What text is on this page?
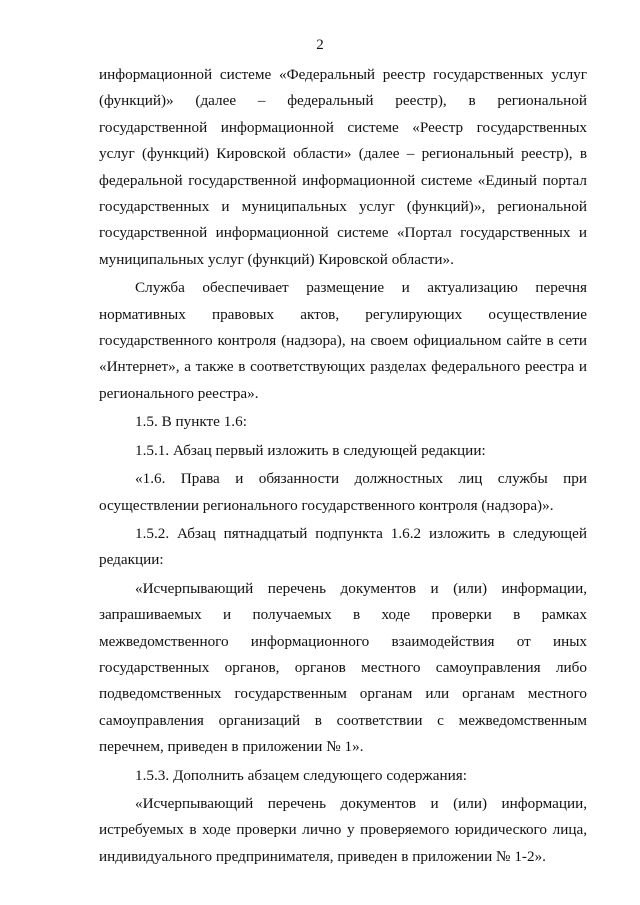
2

информационной системе «Федеральный реестр государственных услуг (функций)» (далее – федеральный реестр), в региональной государственной информационной системе «Реестр государственных услуг (функций) Кировской области» (далее – региональный реестр), в федеральной государственной информационной системе «Единый портал государственных и муниципальных услуг (функций)», региональной государственной информационной системе «Портал государственных и муниципальных услуг (функций) Кировской области».

Служба обеспечивает размещение и актуализацию перечня нормативных правовых актов, регулирующих осуществление государственного контроля (надзора), на своем официальном сайте в сети «Интернет», а также в соответствующих разделах федерального реестра и регионального реестра».

1.5. В пункте 1.6:

1.5.1. Абзац первый изложить в следующей редакции:

«1.6. Права и обязанности должностных лиц службы при осуществлении регионального государственного контроля (надзора)».

1.5.2. Абзац пятнадцатый подпункта 1.6.2 изложить в следующей редакции:

«Исчерпывающий перечень документов и (или) информации, запрашиваемых и получаемых в ходе проверки в рамках межведомственного информационного взаимодействия от иных государственных органов, органов местного самоуправления либо подведомственных государственным органам или органам местного самоуправления организаций в соответствии с межведомственным перечнем, приведен в приложении № 1».

1.5.3. Дополнить абзацем следующего содержания:

«Исчерпывающий перечень документов и (или) информации, истребуемых в ходе проверки лично у проверяемого юридического лица, индивидуального предпринимателя, приведен в приложении № 1-2».
